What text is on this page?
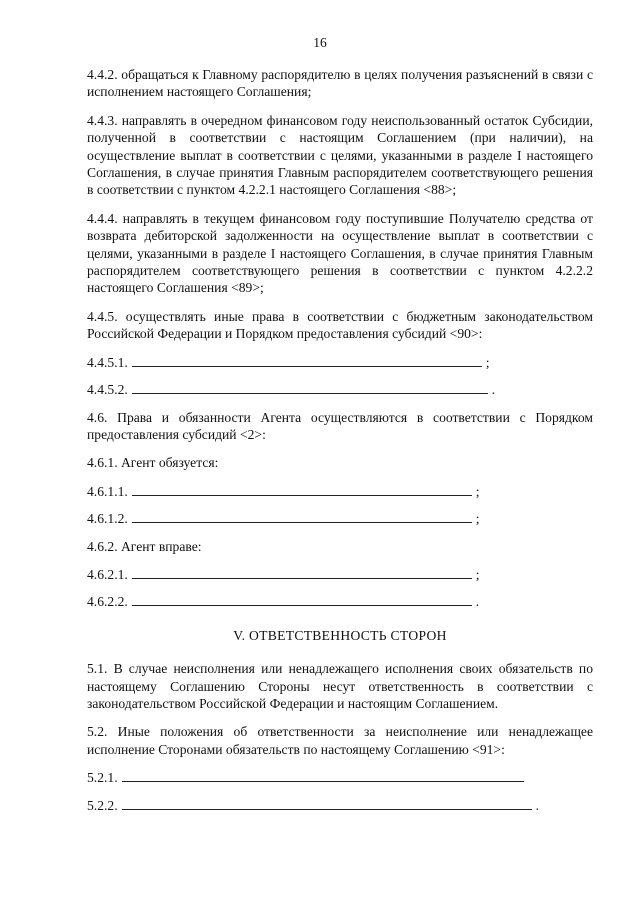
16

4.4.2. обращаться к Главному распорядителю в целях получения разъяснений в связи с исполнением настоящего Соглашения;

4.4.3. направлять в очередном финансовом году неиспользованный остаток Субсидии, полученной в соответствии с настоящим Соглашением (при наличии), на осуществление выплат в соответствии с целями, указанными в разделе I настоящего Соглашения, в случае принятия Главным распорядителем соответствующего решения в соответствии с пунктом 4.2.2.1 настоящего Соглашения <88>;

4.4.4. направлять в текущем финансовом году поступившие Получателю средства от возврата дебиторской задолженности на осуществление выплат в соответствии с целями, указанными в разделе I настоящего Соглашения, в случае принятия Главным распорядителем соответствующего решения в соответствии с пунктом 4.2.2.2 настоящего Соглашения <89>;

4.4.5. осуществлять иные права в соответствии с бюджетным законодательством Российской Федерации и Порядком предоставления субсидий <90>:

4.4.5.1.	;
4.4.5.2.	.

4.6. Права и обязанности Агента осуществляются в соответствии с Порядком предоставления субсидий <2>:

4.6.1. Агент обязуется:

4.6.1.1.	;
4.6.1.2.	;

4.6.2. Агент вправе:

4.6.2.1.	;
4.6.2.2.	.
V. ОТВЕТСТВЕННОСТЬ СТОРОН

5.1. В случае неисполнения или ненадлежащего исполнения своих обязательств по настоящему Соглашению Стороны несут ответственность в соответствии с законодательством Российской Федерации и настоящим Соглашением.

5.2. Иные положения об ответственности за неисполнение или ненадлежащее исполнение Сторонами обязательств по настоящему Соглашению <91>:

5.2.1.
5.2.2.	.
